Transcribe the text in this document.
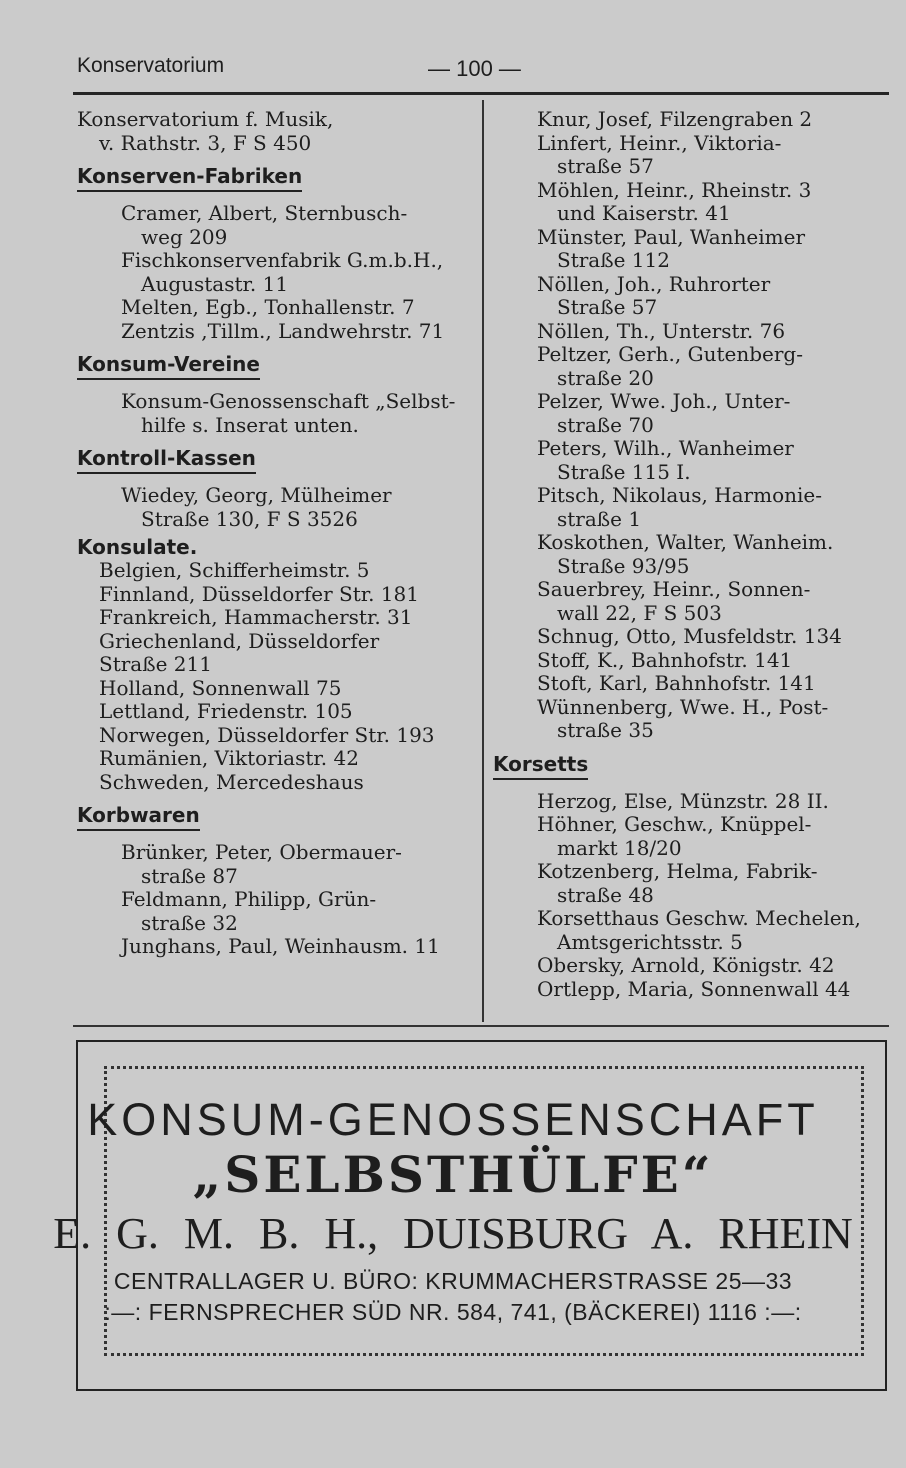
Konservatorium	— 100 —
Konservatorium f. Musik,
v. Rathstr. 3, F S 450
Konserven-Fabriken
Cramer, Albert, Sternbusch-
weg 209
Fischkonservenfabrik G.m.b.H.,
Augustastr. 11
Melten, Egb., Tonhallenstr. 7
Zentzis ,Tillm., Landwehrstr. 71
Konsum-Vereine
Konsum-Genossenschaft „Selbst-
hilfe s. Inserat unten.
Kontroll-Kassen
Wiedey, Georg, Mülheimer
Straße 130, F S 3526
Konsulate.
Belgien, Schifferheimstr. 5
Finnland, Düsseldorfer Str. 181
Frankreich, Hammacherstr. 31
Griechenland, Düsseldorfer
Straße 211
Holland, Sonnenwall 75
Lettland, Friedenstr. 105
Norwegen, Düsseldorfer Str. 193
Rumänien, Viktoriastr. 42
Schweden, Mercedeshaus
Korbwaren
Brünker, Peter, Obermauer-
straße 87
Feldmann, Philipp, Grün-
straße 32
Junghans, Paul, Weinhausm. 11
Knur, Josef, Filzengraben 2
Linfert, Heinr., Viktoria-
straße 57
Möhlen, Heinr., Rheinstr. 3
und Kaiserstr. 41
Münster, Paul, Wanheimer
Straße 112
Nöllen, Joh., Ruhrorter
Straße 57
Nöllen, Th., Unterstr. 76
Peltzer, Gerh., Gutenberg-
straße 20
Pelzer, Wwe. Joh., Unter-
straße 70
Peters, Wilh., Wanheimer
Straße 115 I.
Pitsch, Nikolaus, Harmonie-
straße 1
Koskothen, Walter, Wanheim.
Straße 93/95
Sauerbrey, Heinr., Sonnen-
wall 22, F S 503
Schnug, Otto, Musfeldstr. 134
Stoff, K., Bahnhofstr. 141
Stoft, Karl, Bahnhofstr. 141
Wünnenberg, Wwe. H., Post-
straße 35
Korsetts
Herzog, Else, Münzstr. 28 II.
Höhner, Geschw., Knüppel-
markt 18/20
Kotzenberg, Helma, Fabrik-
straße 48
Korsetthaus Geschw. Mechelen,
Amtsgerichtsstr. 5
Obersky, Arnold, Königstr. 42
Ortlepp, Maria, Sonnenwall 44
KONSUM-GENOSSENSCHAFT
„SELBSTHÜLFE“
E. G. M. B. H., DUISBURG A. RHEIN
CENTRALLAGER U. BÜRO: KRUMMACHERSTRASSE 25—33
:—: FERNSPRECHER SÜD NR. 584, 741, (BÄCKEREI) 1116 :—:
